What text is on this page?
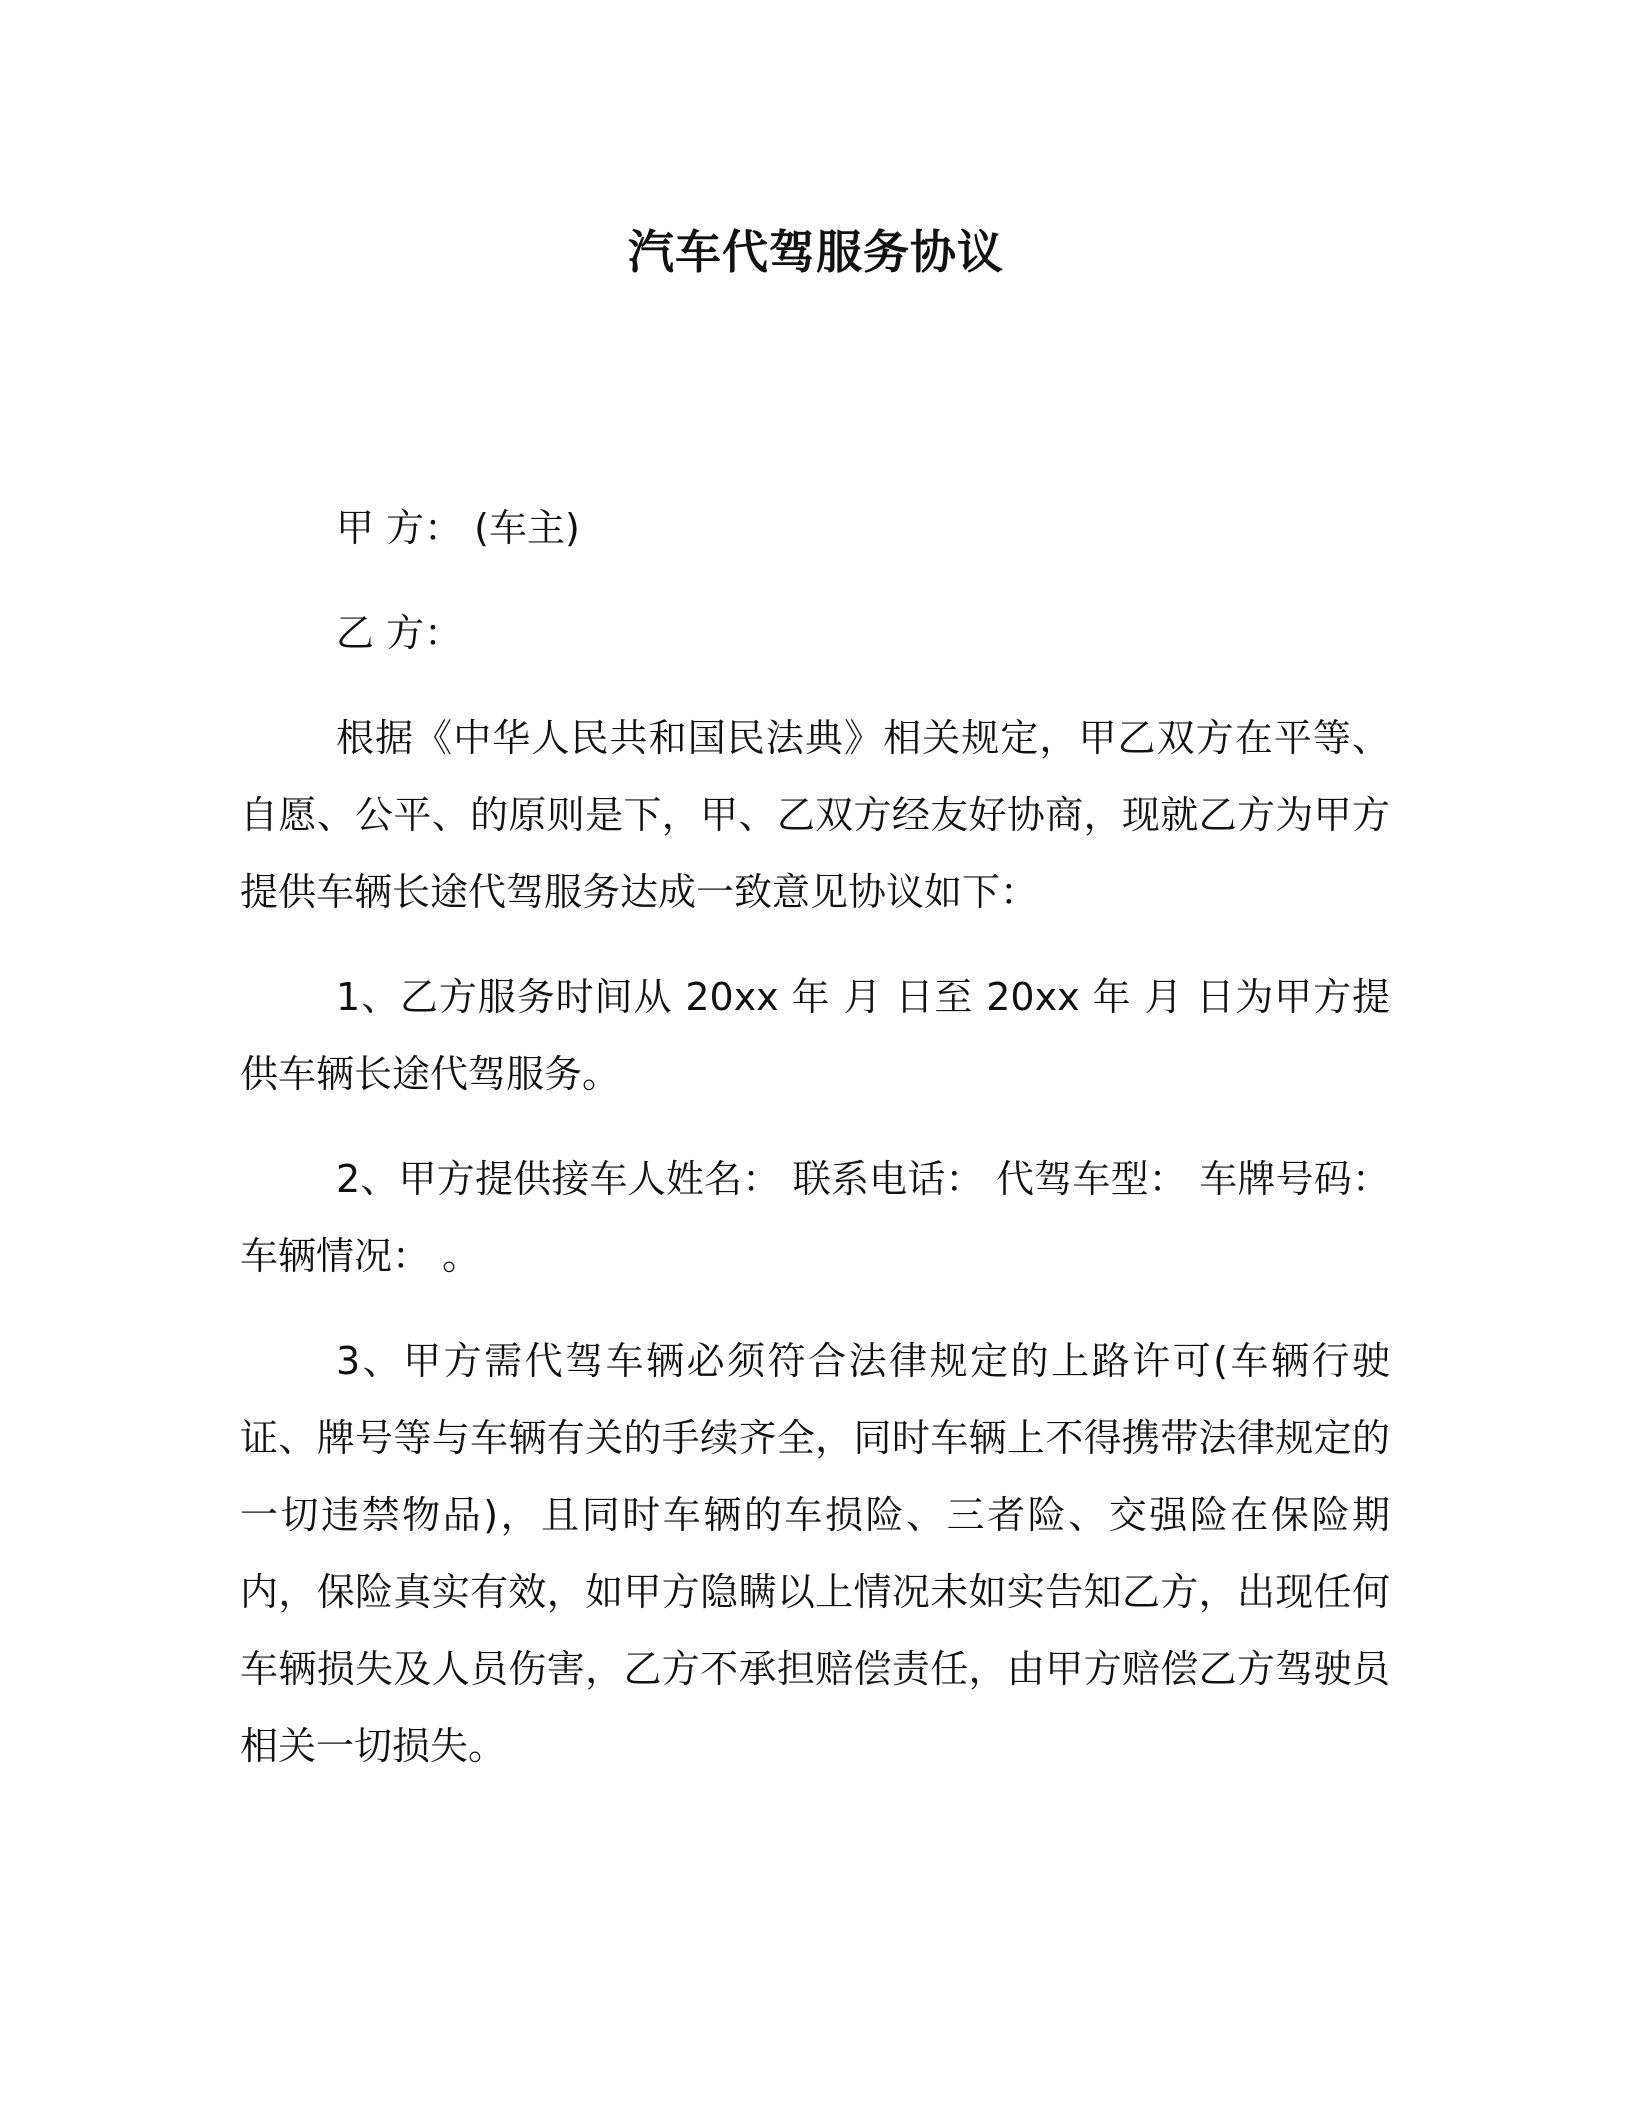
汽车代驾服务协议

甲 方： (车主)

乙 方：

根据《中华人民共和国民法典》相关规定，甲乙双方在平等、自愿、公平、的原则是下，甲、乙双方经友好协商，现就乙方为甲方提供车辆长途代驾服务达成一致意见协议如下：

1、乙方服务时间从 20xx 年 月 日至 20xx 年 月 日为甲方提供车辆长途代驾服务。

2、甲方提供接车人姓名： 联系电话： 代驾车型： 车牌号码： 车辆情况： 。

3、甲方需代驾车辆必须符合法律规定的上路许可(车辆行驶证、牌号等与车辆有关的手续齐全，同时车辆上不得携带法律规定的一切违禁物品)，且同时车辆的车损险、三者险、交强险在保险期内，保险真实有效，如甲方隐瞒以上情况未如实告知乙方，出现任何车辆损失及人员伤害，乙方不承担赔偿责任，由甲方赔偿乙方驾驶员相关一切损失。
